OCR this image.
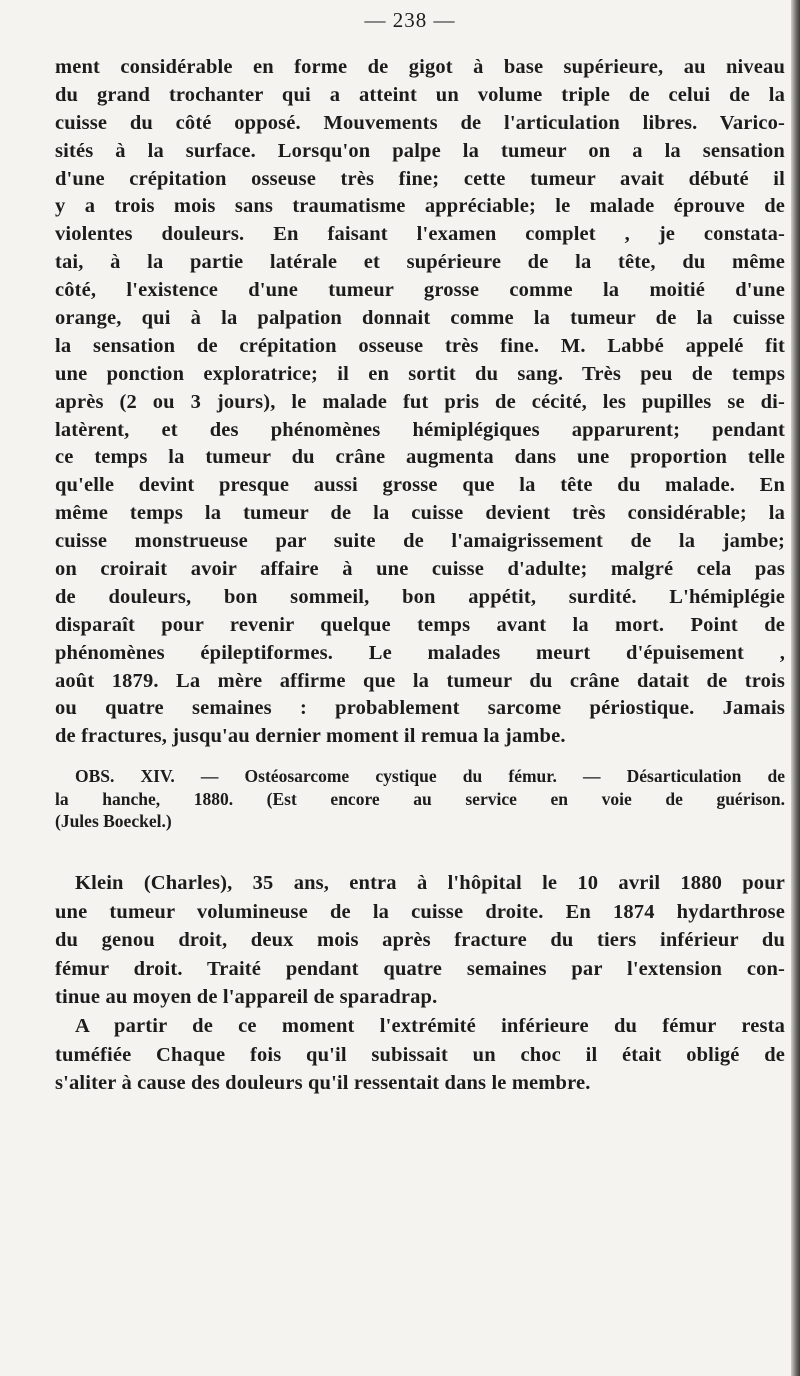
— 238 —
ment considérable en forme de gigot à base supérieure, au niveau
du grand trochanter qui a atteint un volume triple de celui de la
cuisse du côté opposé. Mouvements de l'articulation libres. Varico-
sités à la surface. Lorsqu'on palpe la tumeur on a la sensation
d'une crépitation osseuse très fine; cette tumeur avait débuté il
y a trois mois sans traumatisme appréciable; le malade éprouve de
violentes douleurs. En faisant l'examen complet , je constata-
tai, à la partie latérale et supérieure de la tête, du même
côté, l'existence d'une tumeur grosse comme la moitié d'une
orange, qui à la palpation donnait comme la tumeur de la cuisse
la sensation de crépitation osseuse très fine. M. Labbé appelé fit
une ponction exploratrice; il en sortit du sang. Très peu de temps
après (2 ou 3 jours), le malade fut pris de cécité, les pupilles se di-
latèrent, et des phénomènes hémiplégiques apparurent; pendant
ce temps la tumeur du crâne augmenta dans une proportion telle
qu'elle devint presque aussi grosse que la tête du malade. En
même temps la tumeur de la cuisse devient très considérable; la
cuisse monstrueuse par suite de l'amaigrissement de la jambe;
on croirait avoir affaire à une cuisse d'adulte; malgré cela pas
de douleurs, bon sommeil, bon appétit, surdité. L'hémiplégie
disparaît pour revenir quelque temps avant la mort. Point de
phénomènes épileptiformes. Le malades meurt d'épuisement ,
août 1879. La mère affirme que la tumeur du crâne datait de trois
ou quatre semaines : probablement sarcome périostique. Jamais
de fractures, jusqu'au dernier moment il remua la jambe.
OBS. XIV. — Ostéosarcome cystique du fémur. — Désarticulation de
la hanche, 1880. (Est encore au service en voie de guérison.
(Jules Boeckel.)
Klein (Charles), 35 ans, entra à l'hôpital le 10 avril 1880 pour
une tumeur volumineuse de la cuisse droite. En 1874 hydarthrose
du genou droit, deux mois après fracture du tiers inférieur du
fémur droit. Traité pendant quatre semaines par l'extension con-
tinue au moyen de l'appareil de sparadrap.
A partir de ce moment l'extrémité inférieure du fémur resta
tuméfiée Chaque fois qu'il subissait un choc il était obligé de
s'aliter à cause des douleurs qu'il ressentait dans le membre.
